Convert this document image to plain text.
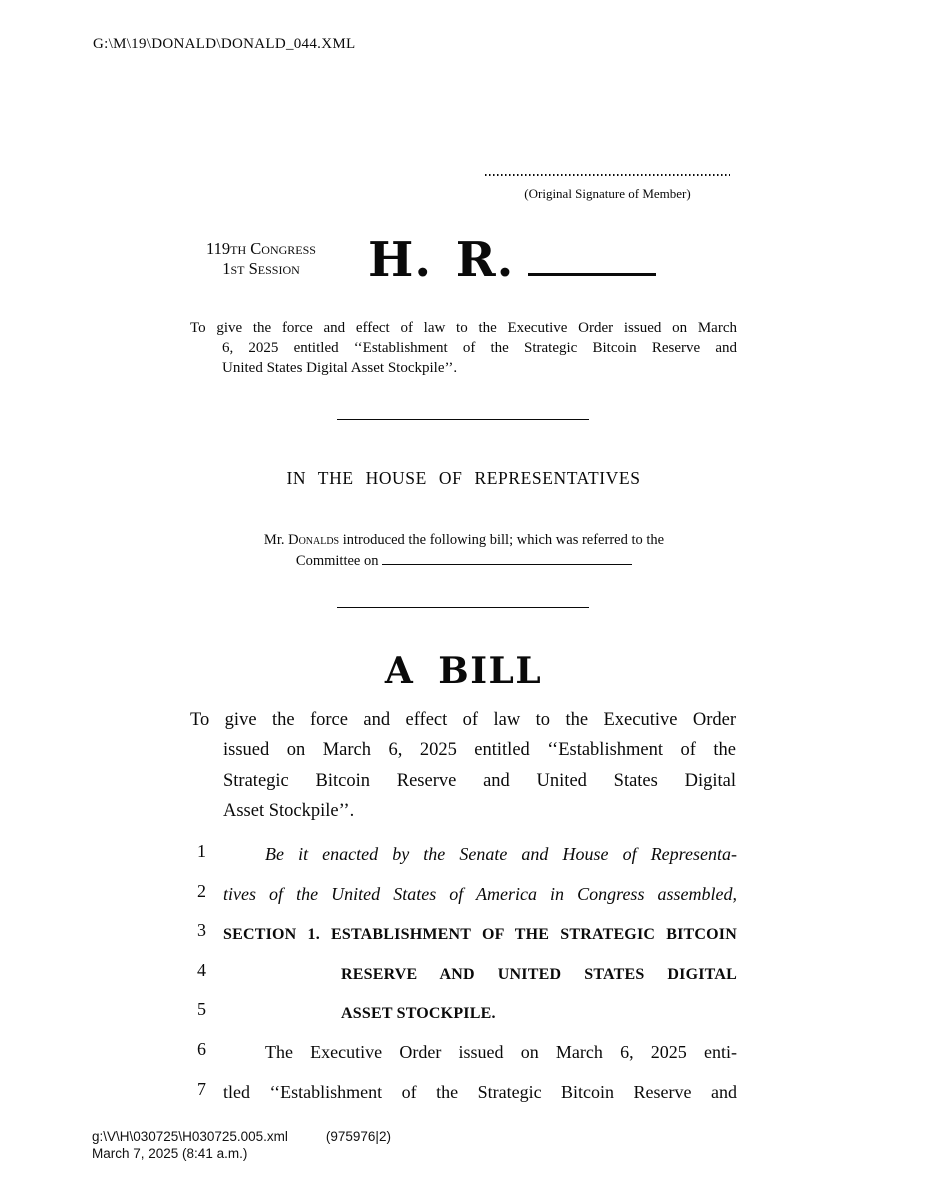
G:\M\19\DONALD\DONALD_044.XML
(Original Signature of Member)
119th Congress
1st Session	H. R.
To give the force and effect of law to the Executive Order issued on March
6, 2025 entitled ‘‘Establishment of the Strategic Bitcoin Reserve and
United States Digital Asset Stockpile’’.
IN THE HOUSE OF REPRESENTATIVES
Mr. Donalds introduced the following bill; which was referred to the
Committee on
A BILL
To give the force and effect of law to the Executive Order
issued on March 6, 2025 entitled ‘‘Establishment of the
Strategic Bitcoin Reserve and United States Digital
Asset Stockpile’’.
1	Be it enacted by the Senate and House of Representa-
2 tives of the United States of America in Congress assembled,
3	SECTION 1. ESTABLISHMENT OF THE STRATEGIC BITCOIN
4	RESERVE AND UNITED STATES DIGITAL
5	ASSET STOCKPILE.
6	The Executive Order issued on March 6, 2025 enti-
7 tled ‘‘Establishment of the Strategic Bitcoin Reserve and
g:\V\H\030725\H030725.005.xml	(975976|2)
March 7, 2025 (8:41 a.m.)
